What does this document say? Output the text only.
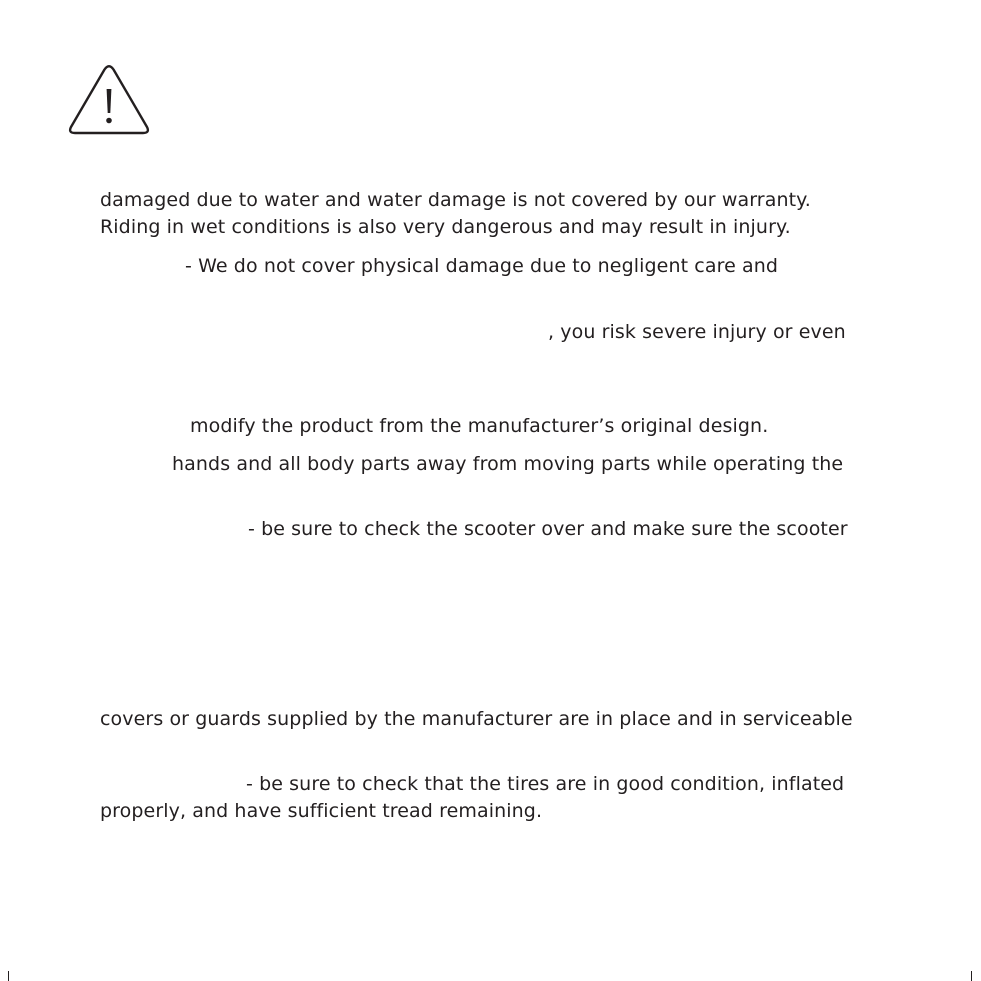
damaged due to water and water damage is not covered by our warranty.

Riding in wet conditions is also very dangerous and may result in injury.

- We do not cover physical damage due to negligent care and

, you risk severe injury or even

modify the product from the manufacturer’s original design.

hands and all body parts away from moving parts while operating the

- be sure to check the scooter over and make sure the scooter

covers or guards supplied by the manufacturer are in place and in serviceable

- be sure to check that the tires are in good condition, inflated

properly, and have sufficient tread remaining.
